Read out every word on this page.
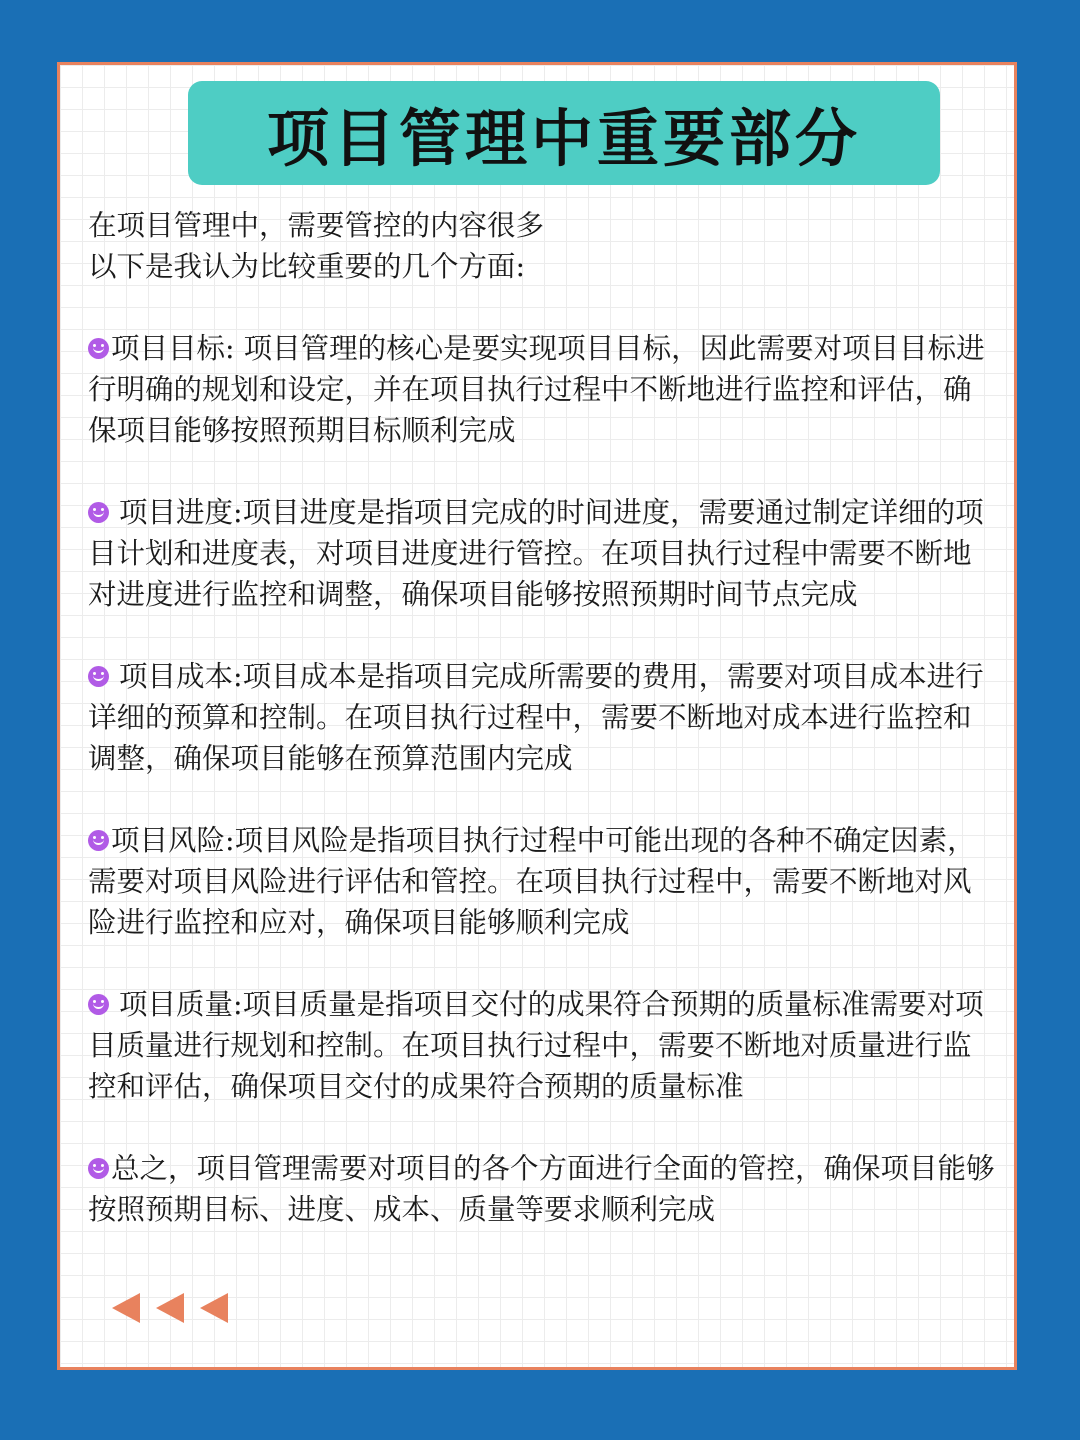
项目管理中重要部分
在项目管理中，需要管控的内容很多
以下是我认为比较重要的几个方面:
项目目标: 项目管理的核心是要实现项目目标，因此需要对项目目标进行明确的规划和设定，并在项目执行过程中不断地进行监控和评估，确保项目能够按照预期目标顺利完成
项目进度:项目进度是指项目完成的时间进度，需要通过制定详细的项目计划和进度表，对项目进度进行管控。在项目执行过程中需要不断地对进度进行监控和调整，确保项目能够按照预期时间节点完成
项目成本:项目成本是指项目完成所需要的费用，需要对项目成本进行详细的预算和控制。在项目执行过程中，需要不断地对成本进行监控和调整，确保项目能够在预算范围内完成
项目风险:项目风险是指项目执行过程中可能出现的各种不确定因素，需要对项目风险进行评估和管控。在项目执行过程中，需要不断地对风险进行监控和应对，确保项目能够顺利完成
项目质量:项目质量是指项目交付的成果符合预期的质量标准需要对项目质量进行规划和控制。在项目执行过程中，需要不断地对质量进行监控和评估，确保项目交付的成果符合预期的质量标准
总之，项目管理需要对项目的各个方面进行全面的管控，确保项目能够按照预期目标、进度、成本、质量等要求顺利完成
